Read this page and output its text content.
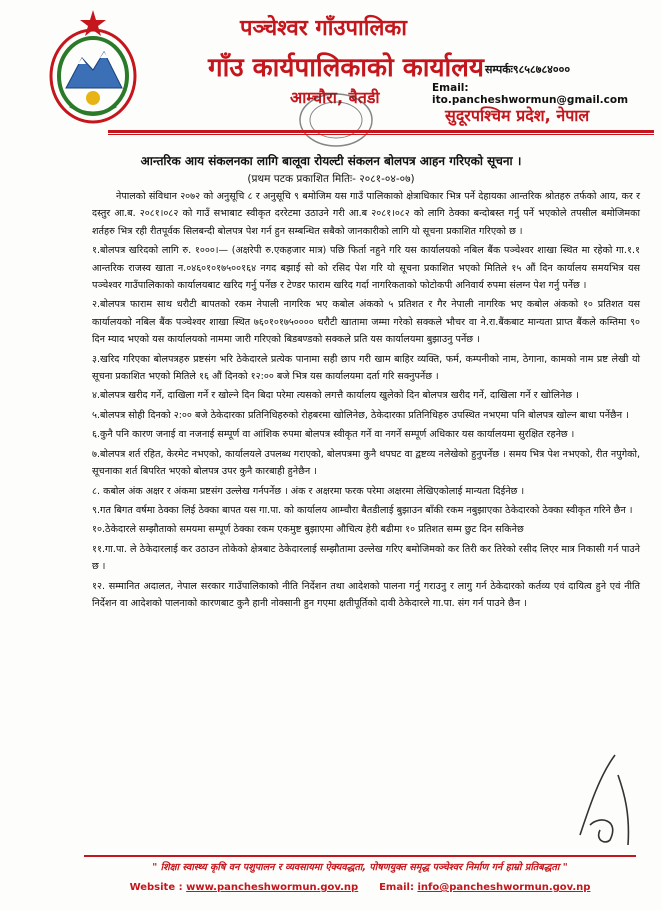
पञ्चेश्वर गाँउपालिका
गाँउ कार्यपालिकाको कार्यालय
आम्चौरा, बैतडी
सम्पर्कः९८५८७८४०००
Email: ito.pancheshwormun@gmail.com
सुदूरपश्चिम प्रदेश, नेपाल
आन्तरिक आय संकलनका लागि बालूवा रोयल्टी संकलन बोलपत्र आहन गरिएको सूचना ।
(प्रथम पटक प्रकाशित मितिः- २०८१-०४-०७)

नेपालको संविधान २०७२ को अनुसूचि ८ र अनुसूचि ९ बमोजिम यस गाउँ पालिकाको क्षेत्राधिकार भित्र पर्ने देहायका आन्तरिक श्रोतहरु तर्फको आय, कर र दस्तुर आ.ब. २०८१।०८२ को गाउँ सभाबाट स्वीकृत दररेटमा उठाउने गरी आ.ब २०८१।०८२ को लागि ठेक्का बन्दोबस्त गर्नु पर्ने भएकोले तपसील बमोजिमका शर्तहरु भित्र रही रीतपूर्वक सिलबन्दी बोलपत्र पेश गर्न हुन सम्बन्धित सबैको जानकारीको लागि यो सूचना प्रकाशित गरिएको छ ।

१.बोलपत्र खरिदको लागि रु. १०००।— (अक्षरेपी रु.एकहजार मात्र) पछि फिर्ता नहुने गरि यस कार्यालयको नबिल बैंक पञ्चेश्वर शाखा स्थित मा रहेको गा.१.१ आन्तरिक राजस्व खाता न.०४६०१०१७५००१६४ नगद बझाई सो को रसिद पेश गरि यो सूचना प्रकाशित भएको मितिले १५ औं दिन कार्यालय समयभित्र यस पञ्चेश्वर गाउँपालिकाको कार्यालयबाट खरिद गर्नु पर्नेछ र टेण्डर फाराम खरिद गर्दा नागरिकताको फोटोकपी अनिवार्य रुपमा संलग्न पेश गर्नु पर्नेछ ।

२.बोलपत्र फाराम साथ धरौटी बापतको रकम नेपाली नागरिक भए कबोल अंकको ५ प्रतिशत र गैर नेपाली नागरिक भए कबोल अंकको १० प्रतिशत यस कार्यालयको नबिल बैंक पञ्चेश्वर शाखा स्थित ७६०१०१७५०००० धरौटी खातामा जम्मा गरेको सक्कले भौचर वा ने.रा.बैंकबाट मान्यता प्राप्त बैंकले कम्तिमा ९० दिन म्याद भएको यस कार्यालयको नाममा जारी गरिएको बिडबण्डको सक्कले प्रति यस कार्यालयमा बुझाउनु पर्नेछ ।

३.खरिद गरिएका बोलपत्रहरु प्रष्टसंग भरि ठेकेदारले प्रत्येक पानामा सही छाप गरी खाम बाहिर व्यक्ति, फर्म, कम्पनीको नाम, ठेगाना, कामको नाम प्रष्ट लेखी यो सूचना प्रकाशित भएको मितिले १६ औं दिनको १२:०० बजे भित्र यस कार्यालयमा दर्ता गरि सक्नुपर्नेछ ।

४.बोलपत्र खरीद गर्ने, दाखिला गर्ने र खोल्ने दिन बिदा परेमा त्यसको लगत्तै कार्यालय खुलेको दिन बोलपत्र खरीद गर्ने, दाखिला गर्ने र खोलिनेछ ।

५.बोलपत्र सोही दिनको २:०० बजे ठेकेदारका प्रतिनिधिहरुको रोहबरमा खोलिनेछ, ठेकेदारका प्रतिनिधिहरु उपस्थित नभएमा पनि बोलपत्र खोल्न बाधा पर्नेछैन ।

६.कुनै पनि कारण जनाई वा नजनाई सम्पूर्ण वा आंशिक रुपमा बोलपत्र स्वीकृत गर्ने वा नगर्ने सम्पूर्ण अधिकार यस कार्यालयमा सुरक्षित रहनेछ ।

७.बोलपत्र शर्त रहित, केरमेट नभएको, कार्यालयले उपलब्ध गराएको, बोलपत्रमा कुनै थपघट वा द्वष्टव्य नलेखेको हुनुपर्नेछ । समय भित्र पेश नभएको, रीत नपुगेको, सूचनाका शर्त बिपरित भएको बोलपत्र उपर कुनै कारबाही हुनेछैन ।

८. कबोल अंक अक्षर र अंकमा प्रष्टसंग उल्लेख गर्नपर्नेछ । अंक र अक्षरमा फरक परेमा अक्षरमा लेखिएकोलाई मान्यता दिईनेछ ।

९.गत बिगत वर्षमा ठेक्का लिई ठेक्का बापत यस गा.पा. को कार्यालय आम्चौरा बैतडीलाई बुझाउन बाँकी रकम नबुझाएका ठेकेदारको ठेक्का स्वीकृत गरिने छैन ।

१०.ठेकेदारले सम्झौताको समयमा सम्पूर्ण ठेक्का रकम एकमुष्ट बुझाएमा औचित्य हेरी बढीमा १० प्रतिशत सम्म छुट दिन सकिनेछ

११.गा.पा. ले ठेकेदारलाई कर उठाउन तोकेको क्षेत्रबाट ठेकेदारलाई सम्झौतामा उल्लेख गरिए बमोजिमको कर तिरी कर तिरेको रसीद लिएर मात्र निकासी गर्न पाउने छ ।

१२. सम्मानित अदालत, नेपाल सरकार गाउँपालिकाको नीति निर्देशन तथा आदेशको पालना गर्नु गराउनु र लागु गर्न ठेकेदारको कर्तव्य एवं दायित्व हुने एवं नीति निर्देशन वा आदेशको पालनाको कारणबाट कुनै हानी नोक्सानी हुन गएमा क्षतीपूर्तिको दावी ठेकेदारले गा.पा. संग गर्न पाउने छैन ।

" शिक्षा स्वास्थ्य कृषि वन पशुपालन र व्यवसायमा ऐक्यवद्धता, पोषणयुक्त समृद्ध पञ्चेश्वर निर्माण गर्न हाम्रो प्रतिबद्धता "
Website : www.pancheshwormun.gov.np Email: info@pancheshwormun.gov.np
